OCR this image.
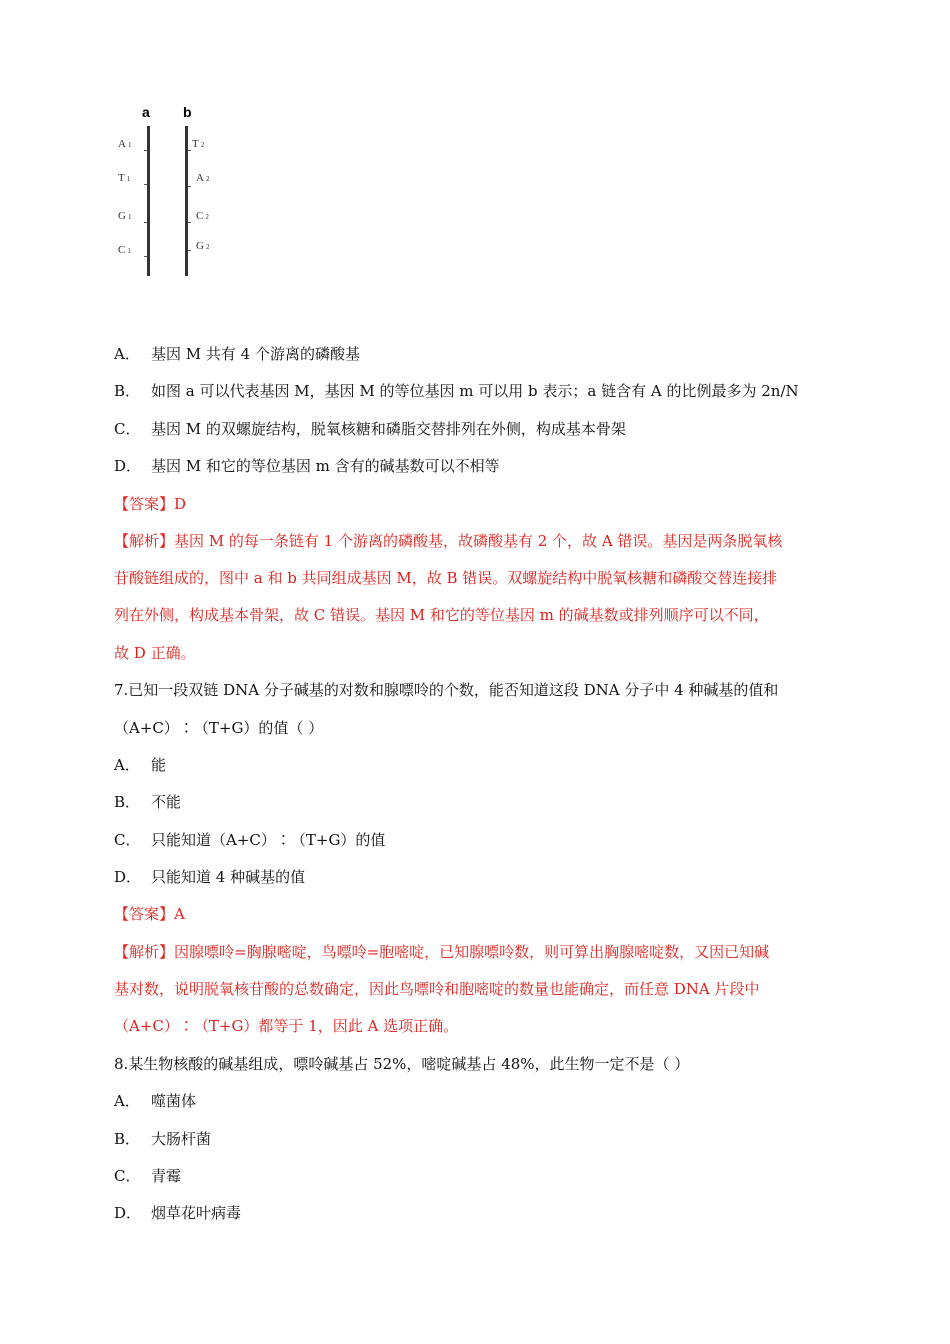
a b
A 1
T 1
G 1
C 1
T 2
A 2
C 2
G 2
A． 基因 M 共有 4 个游离的磷酸基
B． 如图 a 可以代表基因 M，基因 M 的等位基因 m 可以用 b 表示；a 链含有 A 的比例最多为 2n/N
C． 基因 M 的双螺旋结构，脱氧核糖和磷脂交替排列在外侧，构成基本骨架
D． 基因 M 和它的等位基因 m 含有的碱基数可以不相等
【答案】D
【解析】基因 M 的每一条链有 1 个游离的磷酸基，故磷酸基有 2 个，故 A 错误。基因是两条脱氧核
苷酸链组成的，图中 a 和 b 共同组成基因 M，故 B 错误。双螺旋结构中脱氧核糖和磷酸交替连接排
列在外侧，构成基本骨架，故 C 错误。基因 M 和它的等位基因 m 的碱基数或排列顺序可以不同，
故 D 正确。
7.已知一段双链 DNA 分子碱基的对数和腺嘌呤的个数，能否知道这段 DNA 分子中 4 种碱基的值和
（A+C）∶（T+G）的值（ ）
A． 能
B． 不能
C． 只能知道（A+C）∶（T+G）的值
D． 只能知道 4 种碱基的值
【答案】A
【解析】因腺嘌呤=胸腺嘧啶，鸟嘌呤=胞嘧啶，已知腺嘌呤数，则可算出胸腺嘧啶数，又因已知碱
基对数，说明脱氧核苷酸的总数确定，因此鸟嘌呤和胞嘧啶的数量也能确定，而任意 DNA 片段中
（A+C）∶（T+G）都等于 1，因此 A 选项正确。
8.某生物核酸的碱基组成，嘌呤碱基占 52%，嘧啶碱基占 48%，此生物一定不是（ ）
A． 噬菌体
B． 大肠杆菌
C． 青霉
D． 烟草花叶病毒
